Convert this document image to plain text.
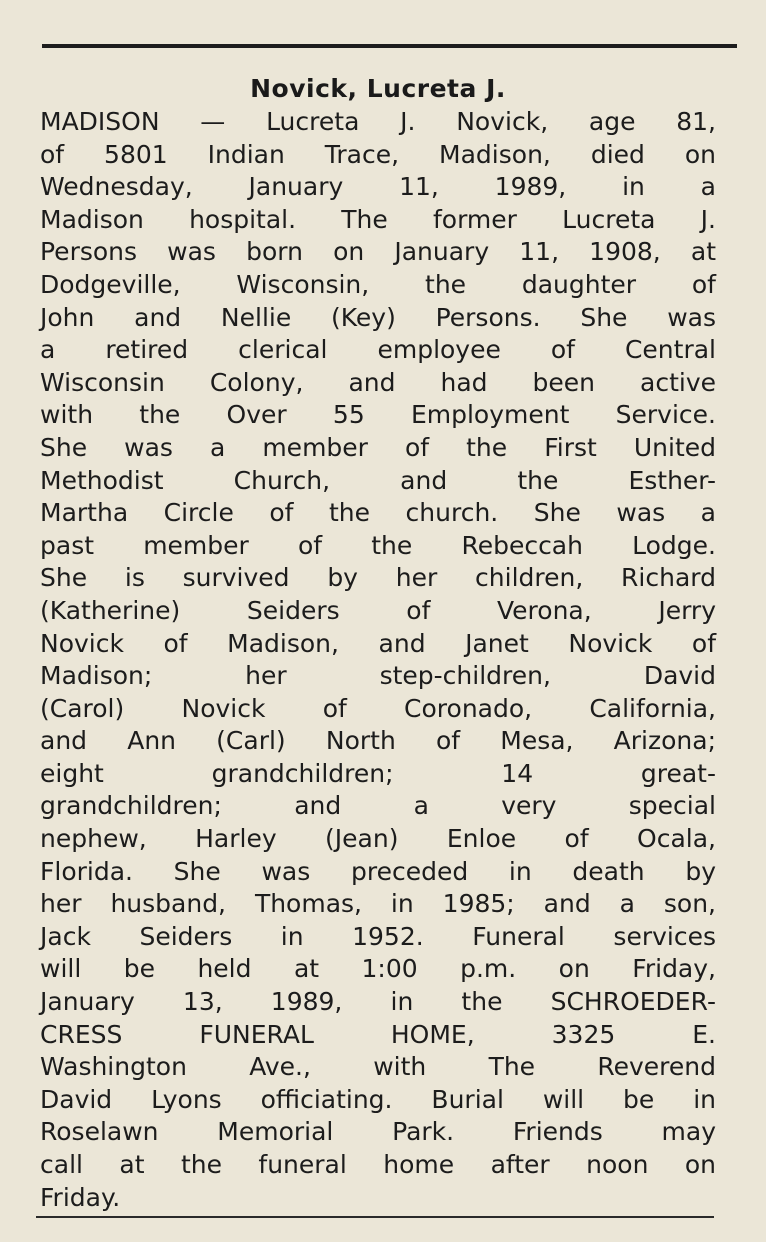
Novick, Lucreta J.
MADISON — Lucreta J. Novick, age 81,
of 5801 Indian Trace, Madison, died on
Wednesday, January 11, 1989, in a
Madison hospital. The former Lucreta J.
Persons was born on January 11, 1908, at
Dodgeville, Wisconsin, the daughter of
John and Nellie (Key) Persons. She was
a retired clerical employee of Central
Wisconsin Colony, and had been active
with the Over 55 Employment Service.
She was a member of the First United
Methodist Church, and the Esther-
Martha Circle of the church. She was a
past member of the Rebeccah Lodge.
She is survived by her children, Richard
(Katherine) Seiders of Verona, Jerry
Novick of Madison, and Janet Novick of
Madison; her step-children, David
(Carol) Novick of Coronado, California,
and Ann (Carl) North of Mesa, Arizona;
eight grandchildren; 14 great-
grandchildren; and a very special
nephew, Harley (Jean) Enloe of Ocala,
Florida. She was preceded in death by
her husband, Thomas, in 1985; and a son,
Jack Seiders in 1952. Funeral services
will be held at 1:00 p.m. on Friday,
January 13, 1989, in the SCHROEDER-
CRESS FUNERAL HOME, 3325 E.
Washington Ave., with The Reverend
David Lyons officiating. Burial will be in
Roselawn Memorial Park. Friends may
call at the funeral home after noon on
Friday.
